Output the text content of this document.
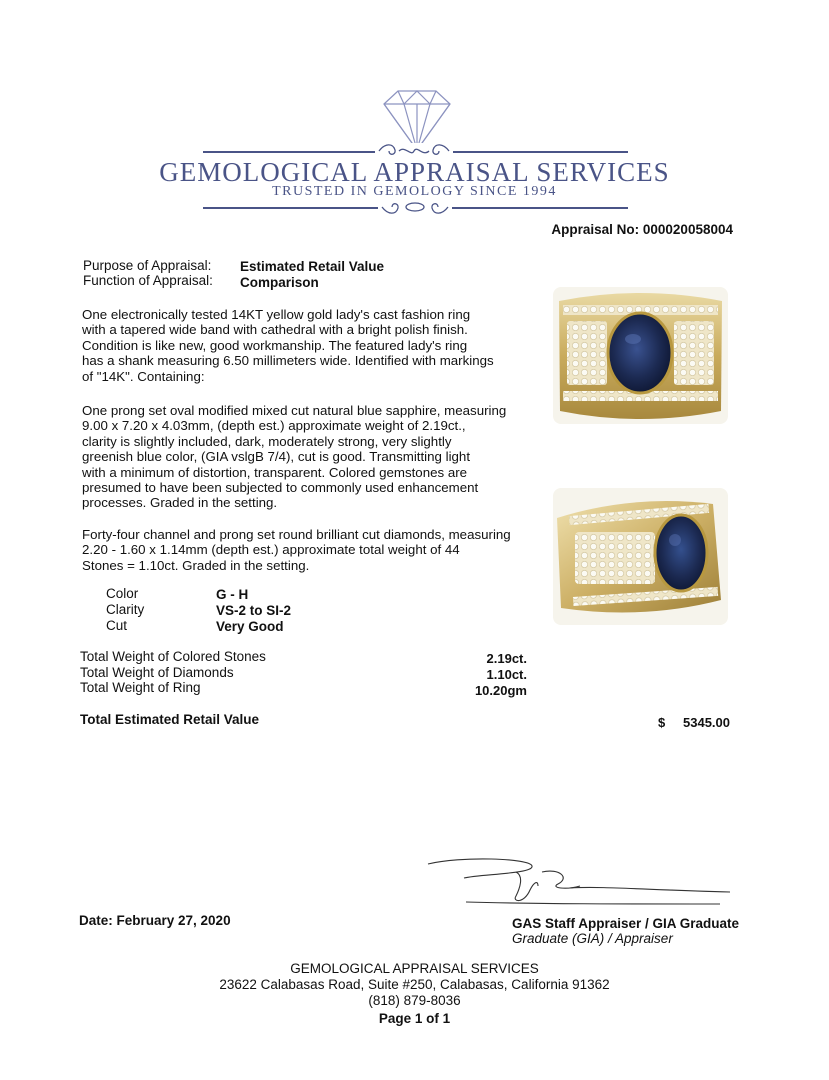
GEMOLOGICAL APPRAISAL SERVICES
TRUSTED IN GEMOLOGY SINCE 1994
Appraisal No: 000020058004
Purpose of Appraisal: Estimated Retail Value
Function of Appraisal: Comparison

One electronically tested 14KT yellow gold lady's cast fashion ring

with a tapered wide band with cathedral with a bright polish finish.

Condition is like new, good workmanship. The featured lady's ring

has a shank measuring 6.50 millimeters wide. Identified with markings

of "14K". Containing:

One prong set oval modified mixed cut natural blue sapphire, measuring

9.00 x 7.20 x 4.03mm, (depth est.) approximate weight of 2.19ct.,

clarity is slightly included, dark, moderately strong, very slightly

greenish blue color, (GIA vslgB 7/4), cut is good. Transmitting light

with a minimum of distortion, transparent. Colored gemstones are

presumed to have been subjected to commonly used enhancement

processes. Graded in the setting.

Forty-four channel and prong set round brilliant cut diamonds, measuring

2.20 - 1.60 x 1.14mm (depth est.) approximate total weight of 44

Stones = 1.10ct. Graded in the setting.

Color	G - H
Clarity	VS-2 to SI-2
Cut	Very Good
Total Weight of Colored Stones	2.19ct.
Total Weight of Diamonds	1.10ct.
Total Weight of Ring	10.20gm
Total Estimated Retail Value	$ 5345.00
Date: February 27, 2020	GAS Staff Appraiser / GIA Graduate
Graduate (GIA) / Appraiser
GEMOLOGICAL APPRAISAL SERVICES
23622 Calabasas Road, Suite #250, Calabasas, California 91362
(818) 879-8036
Page 1 of 1
